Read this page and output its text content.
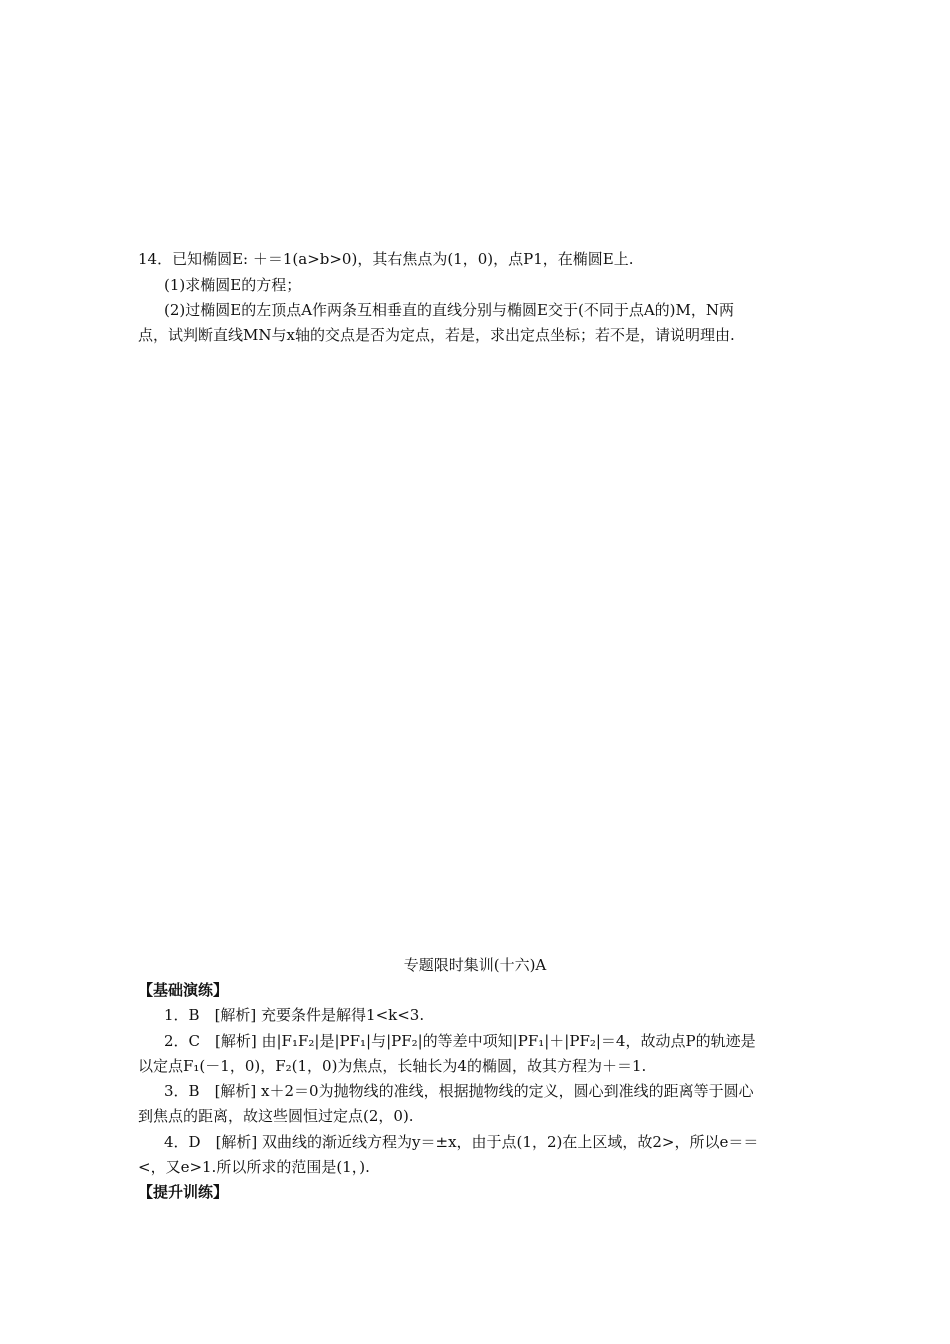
14．已知椭圆E: ＋＝1(a>b>0)，其右焦点为(1，0)，点P1，在椭圆E上.
(1)求椭圆E的方程；
(2)过椭圆E的左顶点A作两条互相垂直的直线分别与椭圆E交于(不同于点A的)M，N两
点，试判断直线MN与x轴的交点是否为定点，若是，求出定点坐标；若不是，请说明理由.
专题限时集训(十六)A
【基础演练】
1．B　[解析] 充要条件是解得1<k<3.
2．C　[解析] 由|F₁F₂|是|PF₁|与|PF₂|的等差中项知|PF₁|＋|PF₂|＝4，故动点P的轨迹是
以定点F₁(－1，0)，F₂(1，0)为焦点，长轴长为4的椭圆，故其方程为＋＝1.
3．B　[解析] x＋2＝0为抛物线的准线，根据抛物线的定义，圆心到准线的距离等于圆心
到焦点的距离，故这些圆恒过定点(2，0).
4．D　[解析] 双曲线的渐近线方程为y＝±x，由于点(1，2)在上区域，故2>，所以e＝＝
<，又e>1.所以所求的范围是(1，).
【提升训练】
